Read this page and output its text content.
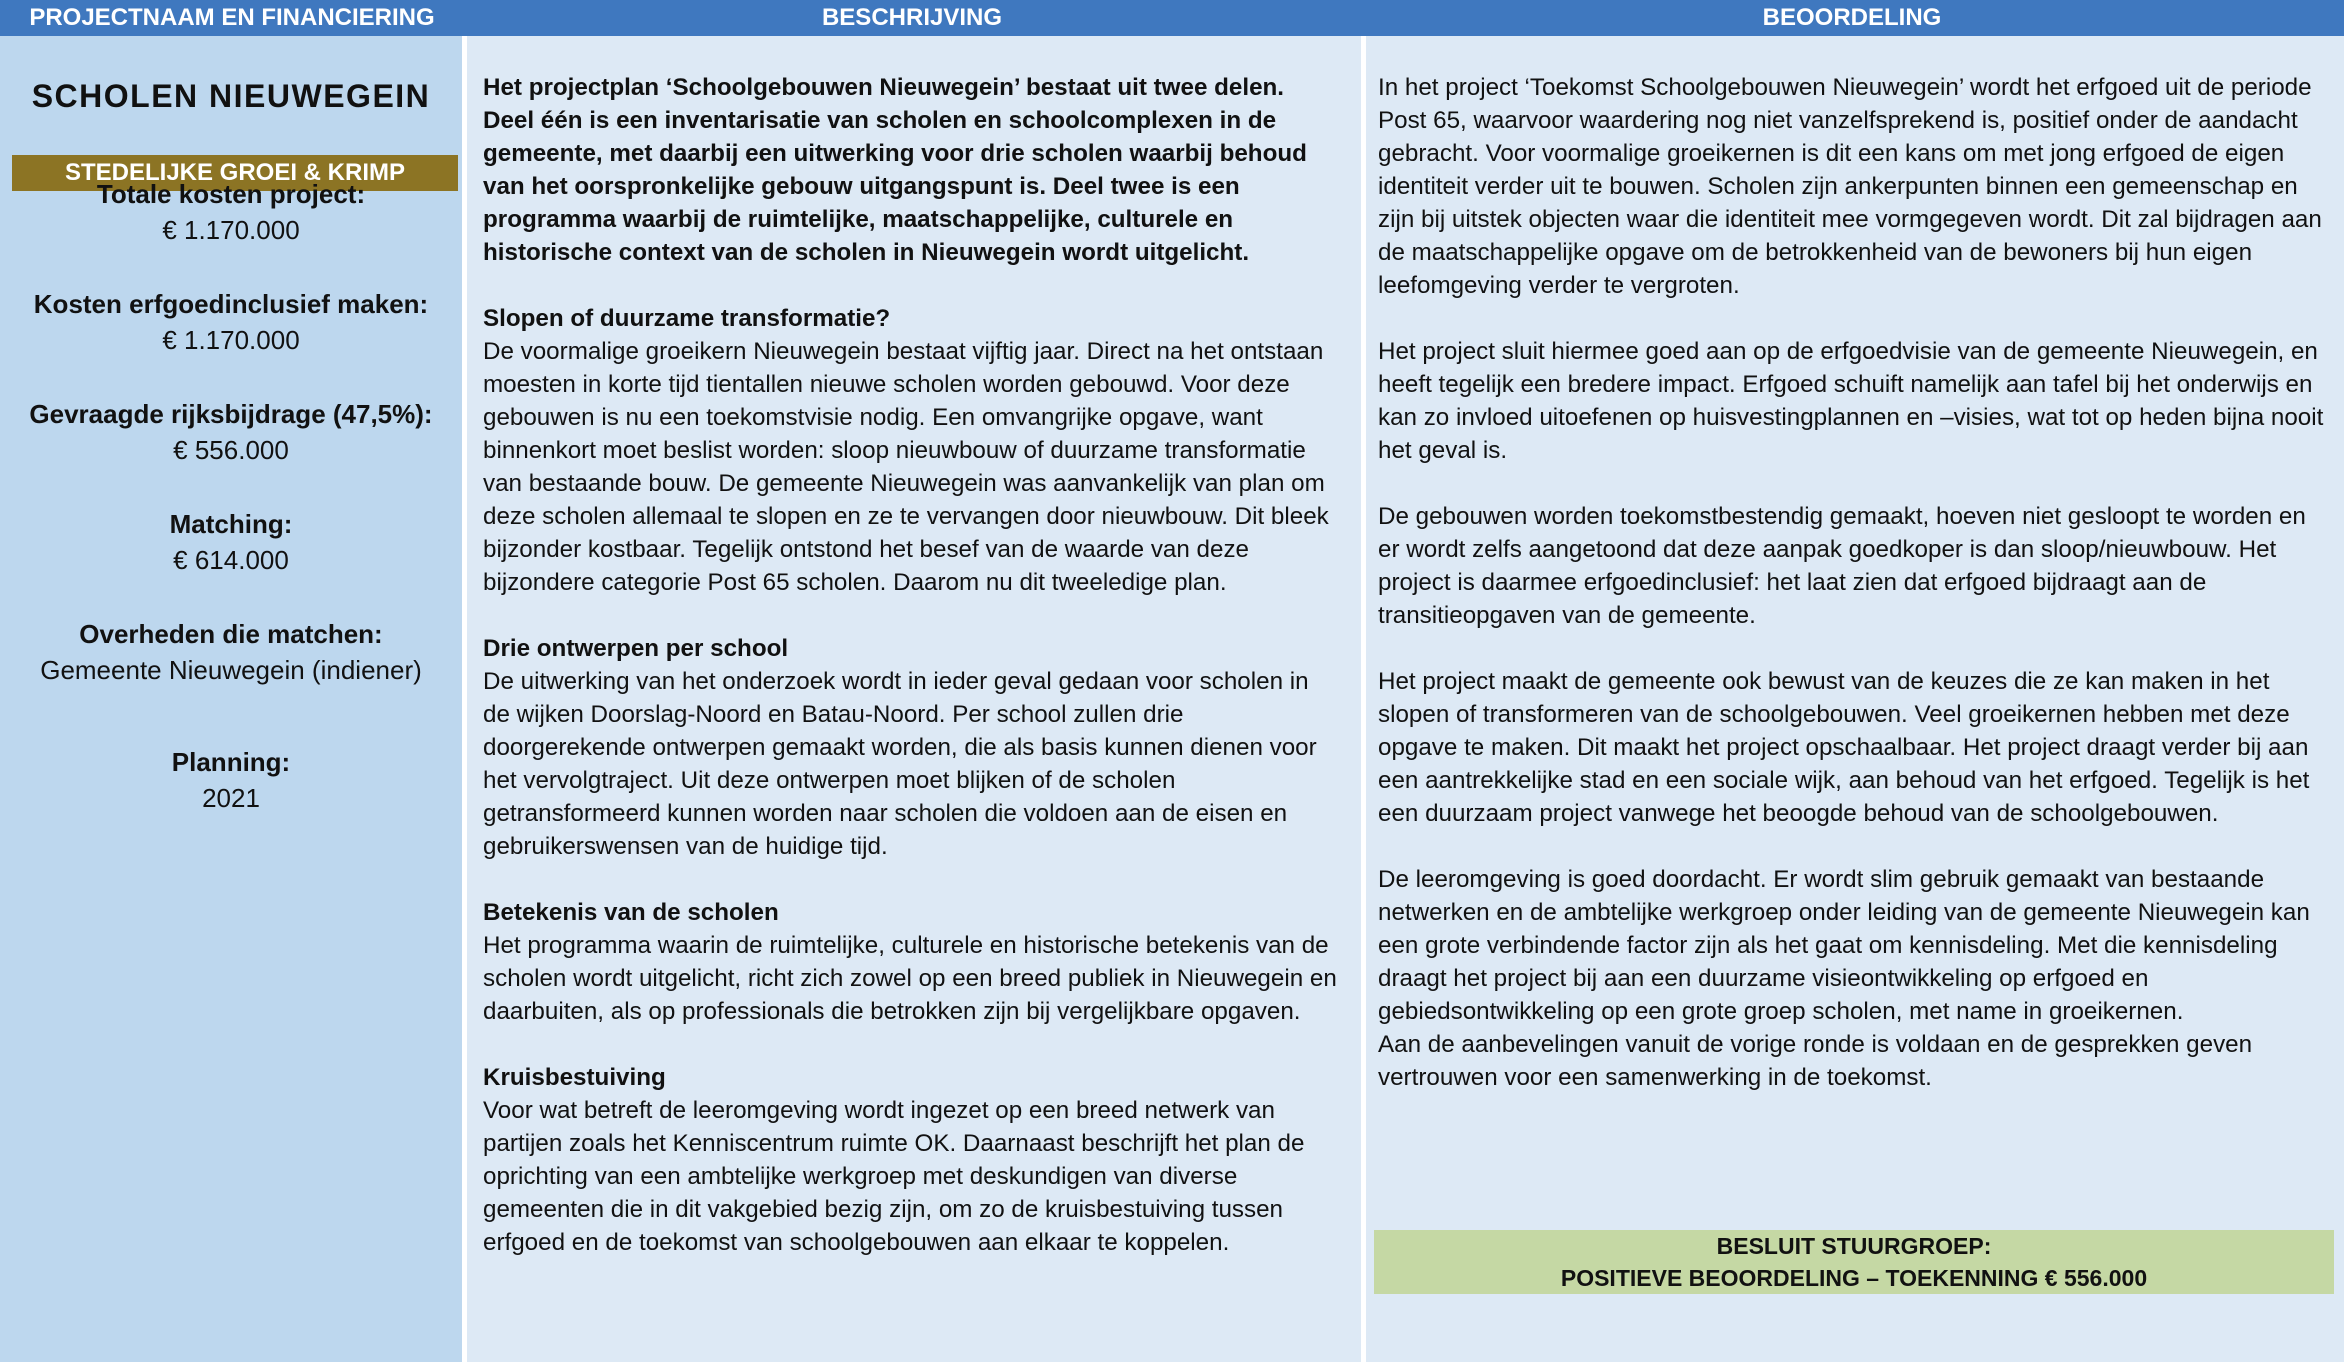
PROJECTNAAM EN FINANCIERING	BESCHRIJVING	BEOORDELING
SCHOLEN NIEUWEGEIN
STEDELIJKE GROEI & KRIMP
Totale kosten project:
€ 1.170.000
Kosten erfgoedinclusief maken:
€ 1.170.000
Gevraagde rijksbijdrage (47,5%):
€ 556.000
Matching:
€ 614.000
Overheden die matchen:
Gemeente Nieuwegein (indiener)
Planning:
2021

Het projectplan ‘Schoolgebouwen Nieuwegein’ bestaat uit twee delen. Deel één is een inventarisatie van scholen en schoolcomplexen in de gemeente, met daarbij een uitwerking voor drie scholen waarbij behoud van het oorspronkelijke gebouw uitgangspunt is. Deel twee is een programma waarbij de ruimtelijke, maatschappelijke, culturele en historische context van de scholen in Nieuwegein wordt uitgelicht.

Slopen of duurzame transformatie?
De voormalige groeikern Nieuwegein bestaat vijftig jaar. Direct na het ontstaan moesten in korte tijd tientallen nieuwe scholen worden gebouwd. Voor deze gebouwen is nu een toekomstvisie nodig. Een omvangrijke opgave, want binnenkort moet beslist worden: sloop nieuwbouw of duurzame transformatie van bestaande bouw. De gemeente Nieuwegein was aanvankelijk van plan om deze scholen allemaal te slopen en ze te vervangen door nieuwbouw. Dit bleek bijzonder kostbaar. Tegelijk ontstond het besef van de waarde van deze bijzondere categorie Post 65 scholen. Daarom nu dit tweeledige plan.

Drie ontwerpen per school
De uitwerking van het onderzoek wordt in ieder geval gedaan voor scholen in de wijken Doorslag-Noord en Batau-Noord. Per school zullen drie doorgerekende ontwerpen gemaakt worden, die als basis kunnen dienen voor het vervolgtraject. Uit deze ontwerpen moet blijken of de scholen getransformeerd kunnen worden naar scholen die voldoen aan de eisen en gebruikerswensen van de huidige tijd.

Betekenis van de scholen
Het programma waarin de ruimtelijke, culturele en historische betekenis van de scholen wordt uitgelicht, richt zich zowel op een breed publiek in Nieuwegein en daarbuiten, als op professionals die betrokken zijn bij vergelijkbare opgaven.

Kruisbestuiving
Voor wat betreft de leeromgeving wordt ingezet op een breed netwerk van partijen zoals het Kenniscentrum ruimte OK. Daarnaast beschrijft het plan de oprichting van een ambtelijke werkgroep met deskundigen van diverse gemeenten die in dit vakgebied bezig zijn, om zo de kruisbestuiving tussen erfgoed en de toekomst van schoolgebouwen aan elkaar te koppelen.

In het project ‘Toekomst Schoolgebouwen Nieuwegein’ wordt het erfgoed uit de periode Post 65, waarvoor waardering nog niet vanzelfsprekend is, positief onder de aandacht gebracht. Voor voormalige groeikernen is dit een kans om met jong erfgoed de eigen identiteit verder uit te bouwen. Scholen zijn ankerpunten binnen een gemeenschap en zijn bij uitstek objecten waar die identiteit mee vormgegeven wordt. Dit zal bijdragen aan de maatschappelijke opgave om de betrokkenheid van de bewoners bij hun eigen leefomgeving verder te vergroten.

Het project sluit hiermee goed aan op de erfgoedvisie van de gemeente Nieuwegein, en heeft tegelijk een bredere impact. Erfgoed schuift namelijk aan tafel bij het onderwijs en kan zo invloed uitoefenen op huisvestingplannen en –visies, wat tot op heden bijna nooit het geval is.

De gebouwen worden toekomstbestendig gemaakt, hoeven niet gesloopt te worden en er wordt zelfs aangetoond dat deze aanpak goedkoper is dan sloop/nieuwbouw. Het project is daarmee erfgoedinclusief: het laat zien dat erfgoed bijdraagt aan de transitieopgaven van de gemeente.

Het project maakt de gemeente ook bewust van de keuzes die ze kan maken in het slopen of transformeren van de schoolgebouwen. Veel groeikernen hebben met deze opgave te maken. Dit maakt het project opschaalbaar. Het project draagt verder bij aan een aantrekkelijke stad en een sociale wijk, aan behoud van het erfgoed. Tegelijk is het een duurzaam project vanwege het beoogde behoud van de schoolgebouwen.

De leeromgeving is goed doordacht. Er wordt slim gebruik gemaakt van bestaande netwerken en de ambtelijke werkgroep onder leiding van de gemeente Nieuwegein kan een grote verbindende factor zijn als het gaat om kennisdeling. Met die kennisdeling draagt het project bij aan een duurzame visieontwikkeling op erfgoed en gebiedsontwikkeling op een grote groep scholen, met name in groeikernen.

Aan de aanbevelingen vanuit de vorige ronde is voldaan en de gesprekken geven vertrouwen voor een samenwerking in de toekomst.

BESLUIT STUURGROEP:
POSITIEVE BEOORDELING – TOEKENNING € 556.000
